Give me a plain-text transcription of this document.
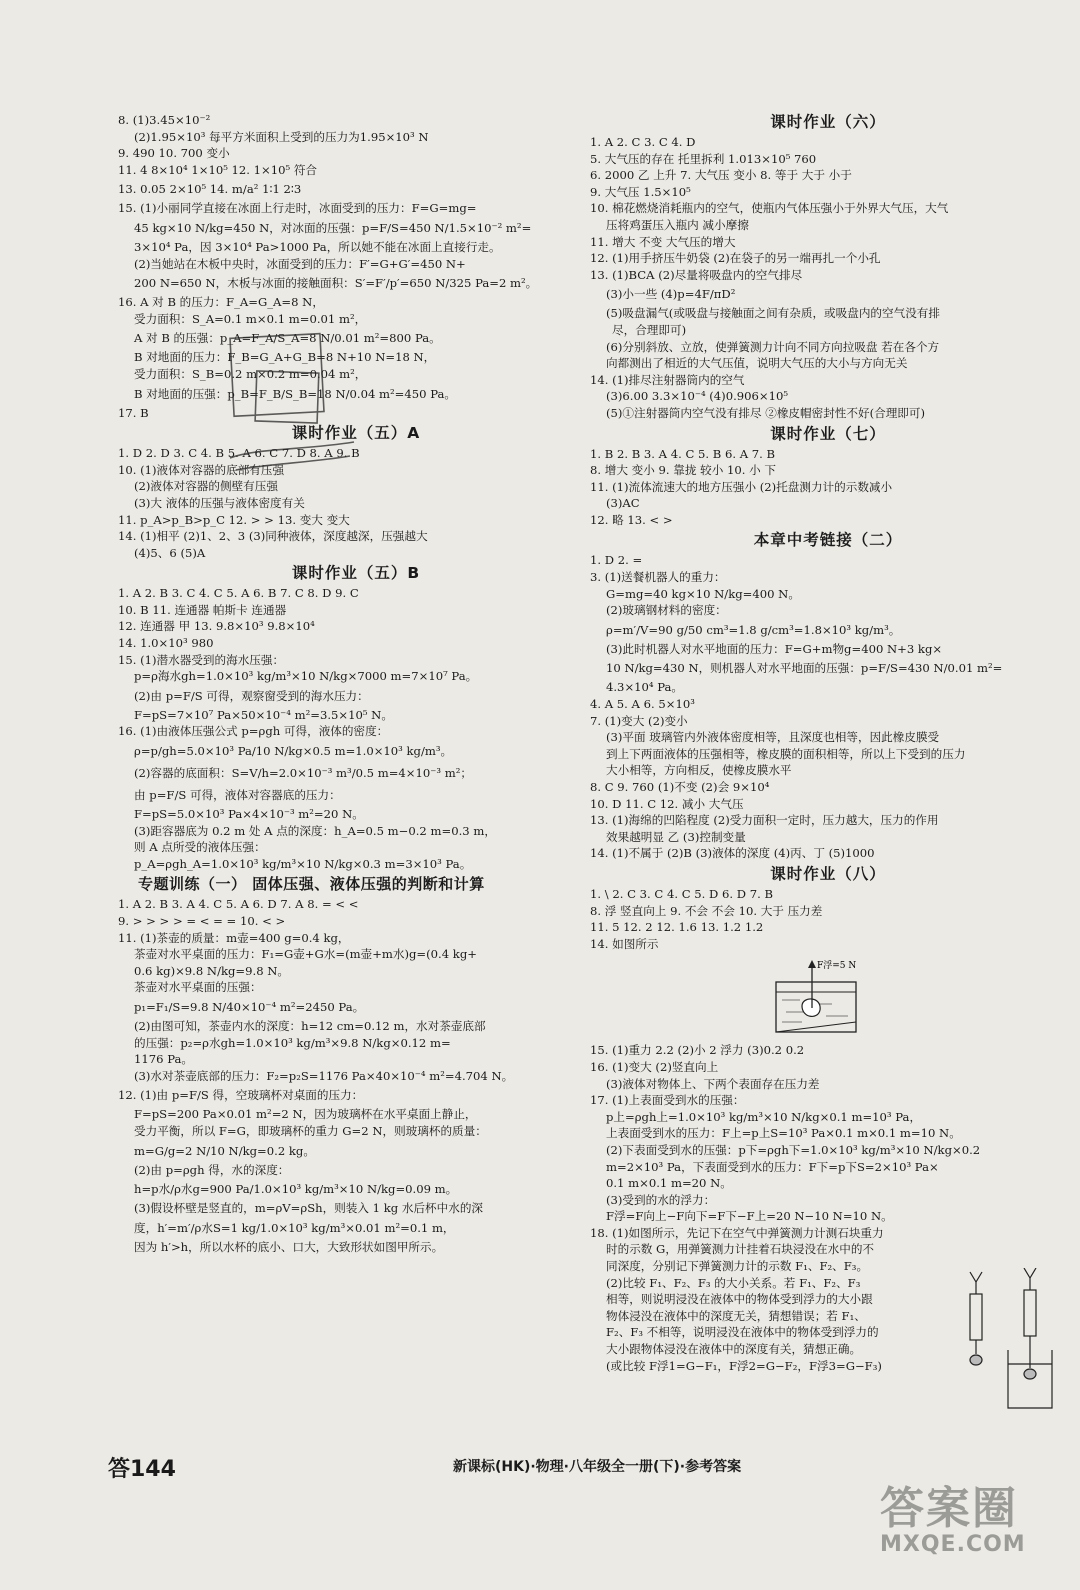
8. (1)3.45×10⁻²
(2)1.95×10³ 每平方米面积上受到的压力为1.95×10³ N
9. 490 10. 700 变小
11. 4 8×10⁴ 1×10⁵ 12. 1×10⁵ 符合
13. 0.05 2×10⁵ 14. m/a² 1∶1 2∶3
15. (1)小丽同学直接在冰面上行走时，冰面受到的压力：F=G=mg=
45 kg×10 N/kg=450 N，对冰面的压强：p=F/S=450 N/1.5×10⁻² m²=
3×10⁴ Pa，因 3×10⁴ Pa>1000 Pa，所以她不能在冰面上直接行走。
(2)当她站在木板中央时，冰面受到的压力：F′=G+G′=450 N+
200 N=650 N，木板与冰面的接触面积：S′=F′/p′=650 N/325 Pa=2 m²。
16. A 对 B 的压力：F_A=G_A=8 N，
受力面积：S_A=0.1 m×0.1 m=0.01 m²，
A 对 B 的压强：p_A=F_A/S_A=8 N/0.01 m²=800 Pa。
B 对地面的压力：F_B=G_A+G_B=8 N+10 N=18 N，
受力面积：S_B=0.2 m×0.2 m=0.04 m²，
B 对地面的压强：p_B=F_B/S_B=18 N/0.04 m²=450 Pa。
17. B
课时作业（五）A
1. D 2. D 3. C 4. B 5. A 6. C 7. D 8. A 9. B
10. (1)液体对容器的底部有压强
(2)液体对容器的侧壁有压强
(3)大 液体的压强与液体密度有关
11. p_A>p_B>p_C 12. > > 13. 变大 变大
14. (1)相平 (2)1、2、3 (3)同种液体，深度越深，压强越大
(4)5、6 (5)A
课时作业（五）B
1. A 2. B 3. C 4. C 5. A 6. B 7. C 8. D 9. C
10. B 11. 连通器 帕斯卡 连通器
12. 连通器 甲 13. 9.8×10³ 9.8×10⁴
14. 1.0×10³ 980
15. (1)潜水器受到的海水压强：
p=ρ海水gh=1.0×10³ kg/m³×10 N/kg×7000 m=7×10⁷ Pa。
(2)由 p=F/S 可得，观察窗受到的海水压力：
F=pS=7×10⁷ Pa×50×10⁻⁴ m²=3.5×10⁵ N。
16. (1)由液体压强公式 p=ρgh 可得，液体的密度：
ρ=p/gh=5.0×10³ Pa/10 N/kg×0.5 m=1.0×10³ kg/m³。
(2)容器的底面积：S=V/h=2.0×10⁻³ m³/0.5 m=4×10⁻³ m²；
由 p=F/S 可得，液体对容器底的压力：
F=pS=5.0×10³ Pa×4×10⁻³ m²=20 N。
(3)距容器底为 0.2 m 处 A 点的深度：h_A=0.5 m−0.2 m=0.3 m，
则 A 点所受的液体压强：
p_A=ρgh_A=1.0×10³ kg/m³×10 N/kg×0.3 m=3×10³ Pa。
专题训练（一） 固体压强、液体压强的判断和计算
1. A 2. B 3. A 4. C 5. A 6. D 7. A 8. = < <
9. > > > > = < = = 10. < >
11. (1)茶壶的质量：m壶=400 g=0.4 kg，
茶壶对水平桌面的压力：F₁=G壶+G水=(m壶+m水)g=(0.4 kg+
0.6 kg)×9.8 N/kg=9.8 N。
茶壶对水平桌面的压强：
p₁=F₁/S=9.8 N/40×10⁻⁴ m²=2450 Pa。
(2)由图可知，茶壶内水的深度：h=12 cm=0.12 m，水对茶壶底部
的压强：p₂=ρ水gh=1.0×10³ kg/m³×9.8 N/kg×0.12 m=
1176 Pa。
(3)水对茶壶底部的压力：F₂=p₂S=1176 Pa×40×10⁻⁴ m²=4.704 N。
12. (1)由 p=F/S 得，空玻璃杯对桌面的压力：
F=pS=200 Pa×0.01 m²=2 N，因为玻璃杯在水平桌面上静止，
受力平衡，所以 F=G，即玻璃杯的重力 G=2 N，则玻璃杯的质量：
m=G/g=2 N/10 N/kg=0.2 kg。
(2)由 p=ρgh 得，水的深度：
h=p水/ρ水g=900 Pa/1.0×10³ kg/m³×10 N/kg=0.09 m。
(3)假设杯壁是竖直的，m=ρV=ρSh，则装入 1 kg 水后杯中水的深
度，h′=m′/ρ水S=1 kg/1.0×10³ kg/m³×0.01 m²=0.1 m，
因为 h′>h，所以水杯的底小、口大，大致形状如图甲所示。
课时作业（六）
1. A 2. C 3. C 4. D
5. 大气压的存在 托里拆利 1.013×10⁵ 760
6. 2000 乙 上升 7. 大气压 变小 8. 等于 大于 小于
9. 大气压 1.5×10⁵
10. 棉花燃烧消耗瓶内的空气，使瓶内气体压强小于外界大气压，大气
压将鸡蛋压入瓶内 减小摩擦
11. 增大 不变 大气压的增大
12. (1)用手挤压牛奶袋 (2)在袋子的另一端再扎一个小孔
13. (1)BCA (2)尽量将吸盘内的空气排尽
(3)小一些 (4)p=4F/πD²
(5)吸盘漏气(或吸盘与接触面之间有杂质，或吸盘内的空气没有排
尽，合理即可)
(6)分别斜放、立放，使弹簧测力计向不同方向拉吸盘 若在各个方
向都测出了相近的大气压值，说明大气压的大小与方向无关
14. (1)排尽注射器筒内的空气
(3)6.00 3.3×10⁻⁴ (4)0.906×10⁵
(5)①注射器筒内空气没有排尽 ②橡皮帽密封性不好(合理即可)
课时作业（七）
1. B 2. B 3. A 4. C 5. B 6. A 7. B
8. 增大 变小 9. 靠拢 较小 10. 小 下
11. (1)流体流速大的地方压强小 (2)托盘测力计的示数减小
(3)AC
12. 略 13. < >
本章中考链接（二）
1. D 2. =
3. (1)送餐机器人的重力：
G=mg=40 kg×10 N/kg=400 N。
(2)玻璃钢材料的密度：
ρ=m′/V=90 g/50 cm³=1.8 g/cm³=1.8×10³ kg/m³。
(3)此时机器人对水平地面的压力：F=G+m物g=400 N+3 kg×
10 N/kg=430 N，则机器人对水平地面的压强：p=F/S=430 N/0.01 m²=
4.3×10⁴ Pa。
4. A 5. A 6. 5×10³
7. (1)变大 (2)变小
(3)平面 玻璃管内外液体密度相等，且深度也相等，因此橡皮膜受
到上下两面液体的压强相等，橡皮膜的面积相等，所以上下受到的压力
大小相等，方向相反，使橡皮膜水平
8. C 9. 760 (1)不变 (2)会 9×10⁴
10. D 11. C 12. 减小 大气压
13. (1)海绵的凹陷程度 (2)受力面积一定时，压力越大，压力的作用
效果越明显 乙 (3)控制变量
14. (1)不属于 (2)B (3)液体的深度 (4)丙、丁 (5)1000
课时作业（八）
1. \ 2. C 3. C 4. C 5. D 6. D 7. B
8. 浮 竖直向上 9. 不会 不会 10. 大于 压力差
11. 5 12. 2 12. 1.6 13. 1.2 1.2
14. 如图所示
F浮=5 N
15. (1)重力 2.2 (2)小 2 浮力 (3)0.2 0.2
16. (1)变大 (2)竖直向上
(3)液体对物体上、下两个表面存在压力差
17. (1)上表面受到水的压强：
p上=ρgh上=1.0×10³ kg/m³×10 N/kg×0.1 m=10³ Pa，
上表面受到水的压力：F上=p上S=10³ Pa×0.1 m×0.1 m=10 N。
(2)下表面受到水的压强：p下=ρgh下=1.0×10³ kg/m³×10 N/kg×0.2
m=2×10³ Pa，下表面受到水的压力：F下=p下S=2×10³ Pa×
0.1 m×0.1 m=20 N。
(3)受到的水的浮力：
F浮=F向上−F向下=F下−F上=20 N−10 N=10 N。
18. (1)如图所示，先记下在空气中弹簧测力计测石块重力
时的示数 G，用弹簧测力计挂着石块浸没在水中的不
同深度，分别记下弹簧测力计的示数 F₁、F₂、F₃。
(2)比较 F₁、F₂、F₃ 的大小关系。若 F₁、F₂、F₃
相等，则说明浸没在液体中的物体受到浮力的大小跟
物体浸没在液体中的深度无关，猜想错误；若 F₁、
F₂、F₃ 不相等，说明浸没在液体中的物体受到浮力的
大小跟物体浸没在液体中的深度有关，猜想正确。
(或比较 F浮1=G−F₁，F浮2=G−F₂，F浮3=G−F₃)
答144	新课标(HK)·物理·八年级全一册(下)·参考答案
答案圈
MXQE.COM
